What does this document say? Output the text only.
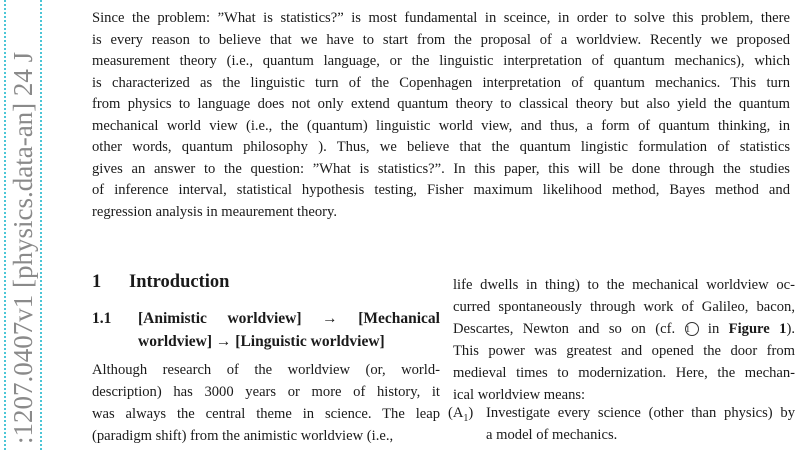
:1207.0407v1 [physics.data-an] 24 J
Since the problem: ”What is statistics?” is most fundamental in sceince, in order to solve this problem, there
is every reason to believe that we have to start from the proposal of a worldview. Recently we proposed
measurement theory (i.e., quantum language, or the linguistic interpretation of quantum mechanics), which
is characterized as the linguistic turn of the Copenhagen interpretation of quantum mechanics. This turn
from physics to language does not only extend quantum theory to classical theory but also yield the quantum
mechanical world view (i.e., the (quantum) linguistic world view, and thus, a form of quantum thinking, in
other words, quantum philosophy ). Thus, we believe that the quantum lingistic formulation of statistics
gives an answer to the question: ”What is statistics?”. In this paper, this will be done through the studies
of inference interval, statistical hypothesis testing, Fisher maximum likelihood method, Bayes method and
regression analysis in meaurement theory.
1 Introduction
1.1 [Animistic worldview] → [Mechanical
worldview] → [Linguistic worldview]
Although research of the worldview (or, world-
description) has 3000 years or more of history, it
was always the central theme in science. The leap
(paradigm shift) from the animistic worldview (i.e.,
life dwells in thing) to the mechanical worldview oc-
curred spontaneously through work of Galileo, bacon,
Descartes, Newton and so on (cf. 1 in Figure 1).
This power was greatest and opened the door from
medieval times to modernization. Here, the mechan-
ical worldview means:
$(A_1)$ Investigate every science (other than physics) by
a model of mechanics.
